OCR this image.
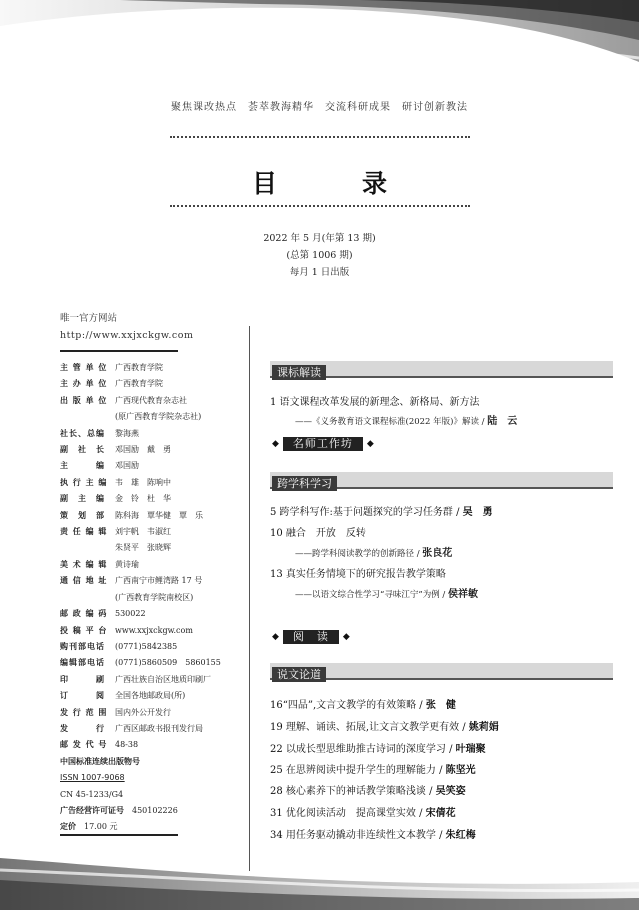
聚焦课改热点　荟萃教海精华　交流科研成果　研讨创新教法
目　录
2022 年 5 月(年第 13 期)
(总第 1006 期)
每月 1 日出版
唯一官方网站
http://www.xxjxckgw.com
主 管 单 位 广西教育学院
主 办 单 位 广西教育学院
出 版 单 位 广西现代教育杂志社
(原广西教育学院杂志社)
社长、总编	黎海燕
副　社　长	邓国励　戴　勇
主　　　编	邓国励
执 行 主 编 韦　雄　陈响中
副　主　编	金　铃　杜　华
策　划　部	陈科海　覃华健　覃　乐
责 任 编 辑 刘宇帆　韦淑红
朱贤平　张晓辉
美 术 编 辑 黄诗瑜
通 信 地 址 广西南宁市鲤湾路 17 号
(广西教育学院南校区)
邮 政 编 码 530022
投 稿 平 台 www.xxjxckgw.com
购刊部电话	(0771)5842385
编辑部电话	(0771)5860509　5860155
印　　　刷	广西壮族自治区地质印刷厂
订　　　阅	全国各地邮政局(所)
发 行 范 围 国内外公开发行
发　　　行	广西区邮政书报刊发行局
邮 发 代 号 48-38
中国标准连续出版物号
ISSN 1007-9068
CN 45-1233/G4
广告经营许可证号 450102226
定价 17.00 元
课标解读
1 语文课程改革发展的新理念、新格局、新方法
——《义务教育语文课程标准(2022 年版)》解读 / 陆　云
◆	名师工作坊	◆
跨学科学习
5 跨学科写作:基于问题探究的学习任务群 / 吴　勇
10 融合　开放　反转
——跨学科阅读教学的创新路径 / 张良花
13 真实任务情境下的研究报告教学策略
——以语文综合性学习“寻味江宁”为例 / 侯祥敏
◆	阅　读	◆
说文论道
16“四品”,文言文教学的有效策略 / 张　健
19 理解、诵读、拓展,让文言文教学更有效 / 姚莉娟
22 以成长型思维助推古诗词的深度学习 / 叶瑞聚
25 在思辨阅读中提升学生的理解能力 / 陈坚光
28 核心素养下的神话教学策略浅谈 / 吴笑姿
31 优化阅读活动　提高课堂实效 / 宋倩花
34 用任务驱动撬动非连续性文本教学 / 朱红梅
